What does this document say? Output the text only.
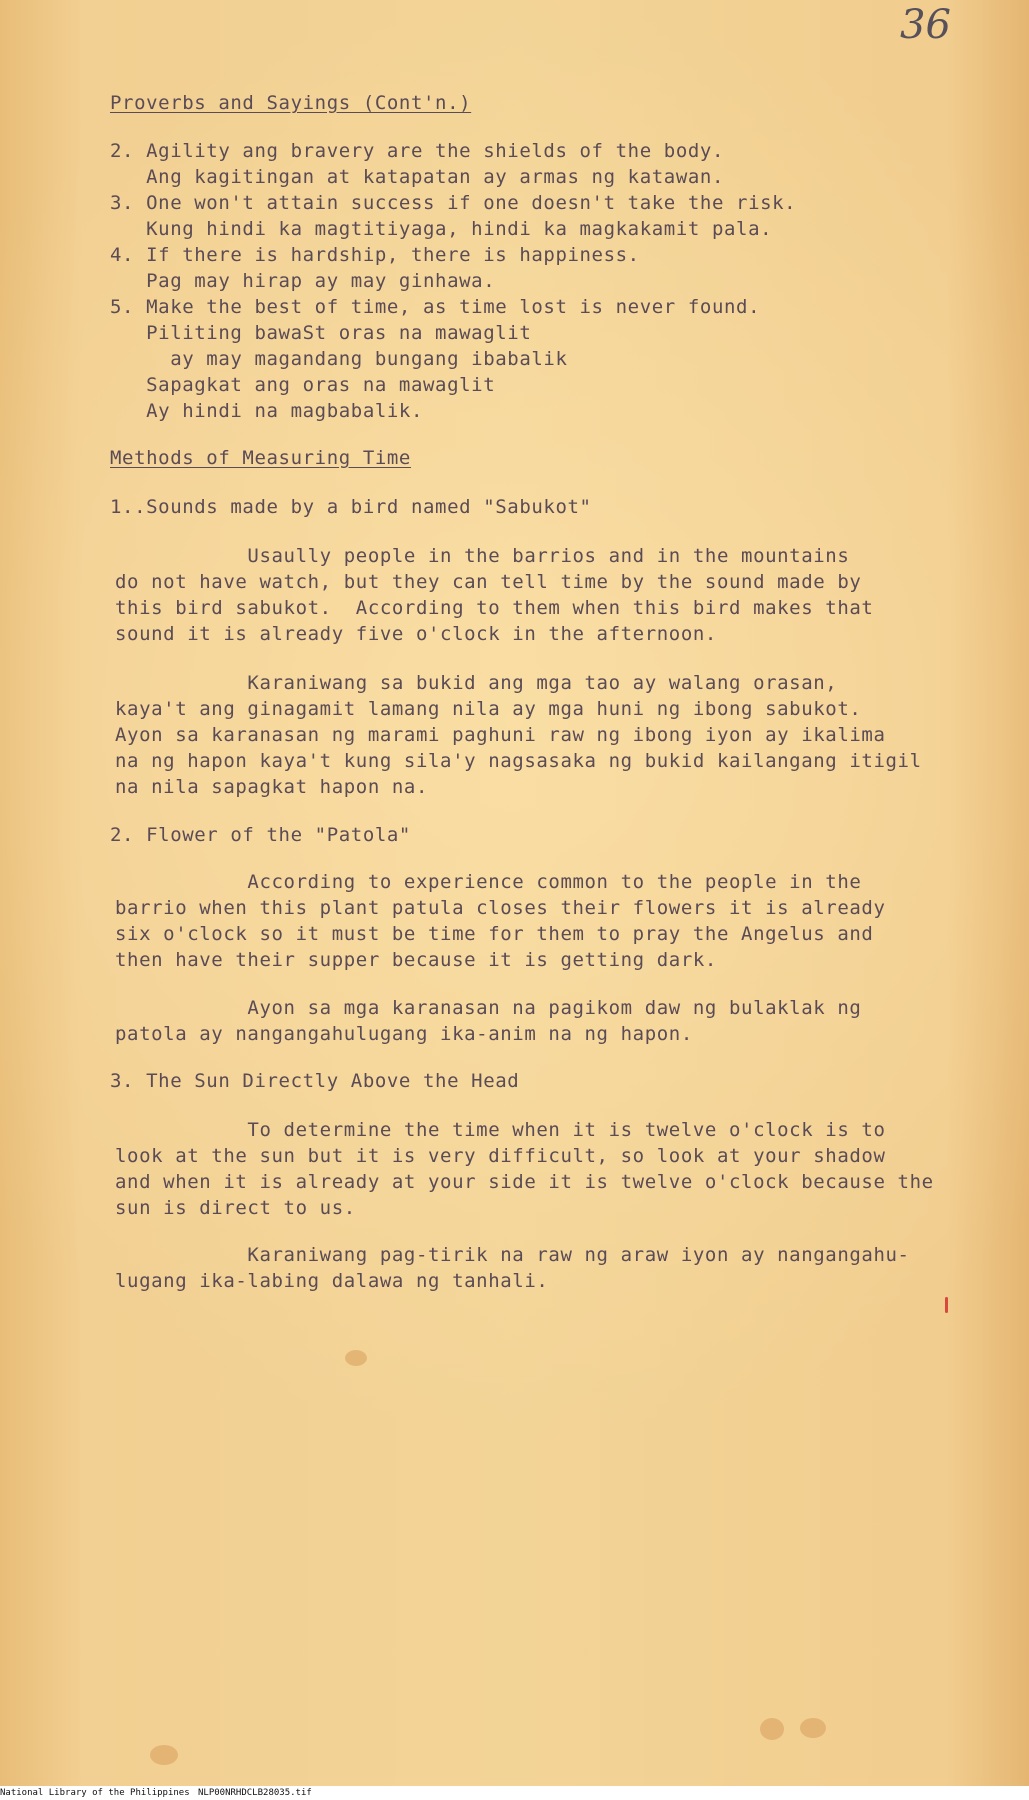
36
Proverbs and Sayings (Cont'n.)
2. Agility ang bravery are the shields of the body.
Ang kagitingan at katapatan ay armas ng katawan.
3. One won't attain success if one doesn't take the risk.
Kung hindi ka magtitiyaga, hindi ka magkakamit pala.
4. If there is hardship, there is happiness.
Pag may hirap ay may ginhawa.
5. Make the best of time, as time lost is never found.
Piliting bawaSt oras na mawaglit
ay may magandang bungang ibabalik
Sapagkat ang oras na mawaglit
Ay hindi na magbabalik.
Methods of Measuring Time
1..Sounds made by a bird named "Sabukot"
Usaully people in the barrios and in the mountains
do not have watch, but they can tell time by the sound made by
this bird sabukot.  According to them when this bird makes that
sound it is already five o'clock in the afternoon.
Karaniwang sa bukid ang mga tao ay walang orasan,
kaya't ang ginagamit lamang nila ay mga huni ng ibong sabukot.
Ayon sa karanasan ng marami paghuni raw ng ibong iyon ay ikalima
na ng hapon kaya't kung sila'y nagsasaka ng bukid kailangang itigil
na nila sapagkat hapon na.
2. Flower of the "Patola"
According to experience common to the people in the
barrio when this plant patula closes their flowers it is already
six o'clock so it must be time for them to pray the Angelus and
then have their supper because it is getting dark.
Ayon sa mga karanasan na pagikom daw ng bulaklak ng
patola ay nangangahulugang ika-anim na ng hapon.
3. The Sun Directly Above the Head
To determine the time when it is twelve o'clock is to
look at the sun but it is very difficult, so look at your shadow
and when it is already at your side it is twelve o'clock because the
sun is direct to us.
Karaniwang pag-tirik na raw ng araw iyon ay nangangahu-
lugang ika-labing dalawa ng tanhali.
National Library of the Philippines NLP00NRHDCLB28035.tif
